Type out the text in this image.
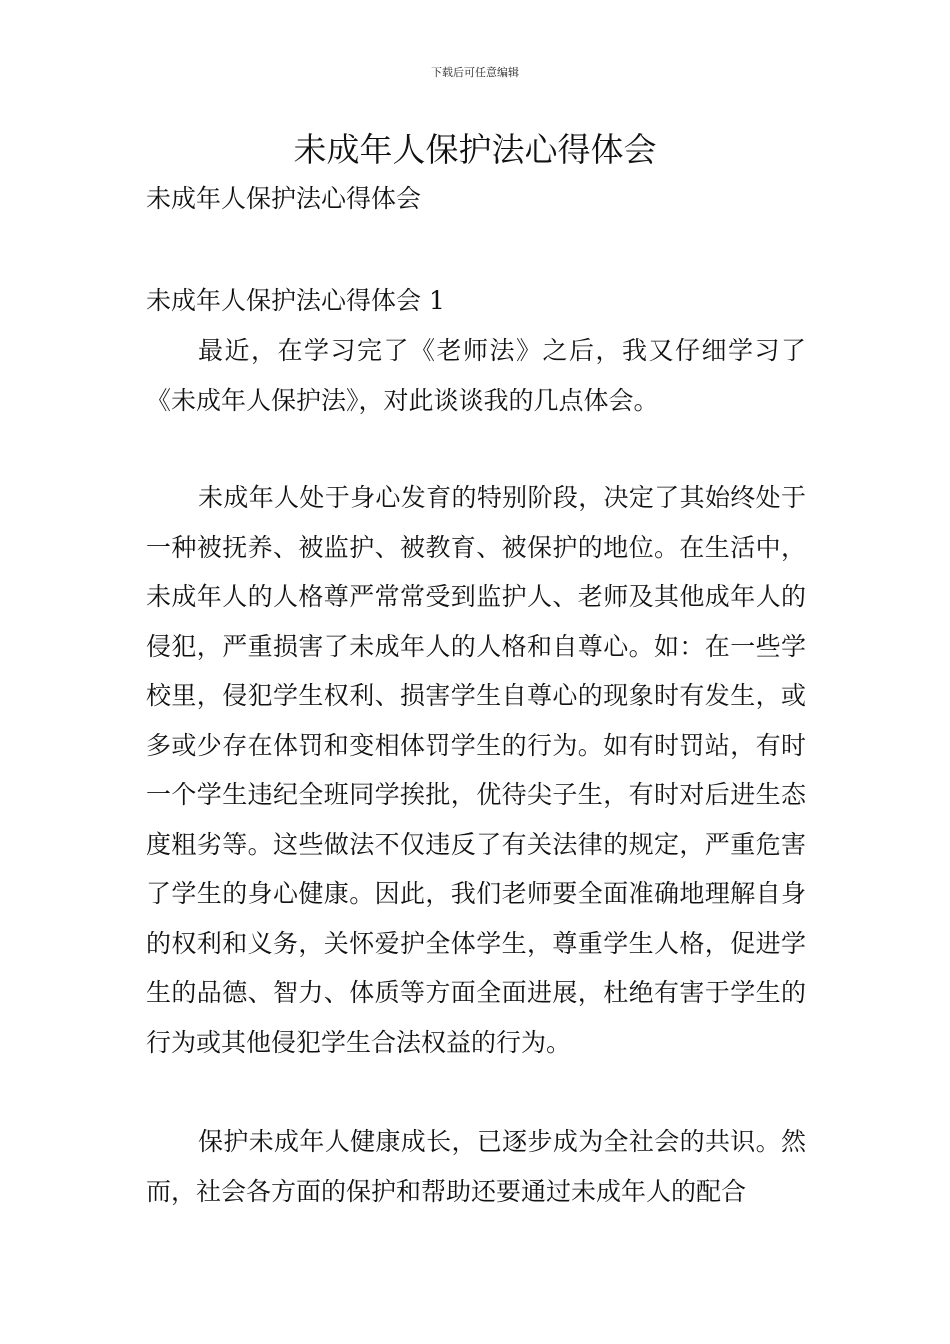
下载后可任意编辑
未成年人保护法心得体会
未成年人保护法心得体会
未成年人保护法心得体会 1

最近，在学习完了《老师法》之后，我又仔细学习了《未成年人保护法》，对此谈谈我的几点体会。

未成年人处于身心发育的特别阶段，决定了其始终处于一种被抚养、被监护、被教育、被保护的地位。在生活中，未成年人的人格尊严常常受到监护人、老师及其他成年人的侵犯，严重损害了未成年人的人格和自尊心。如：在一些学校里，侵犯学生权利、损害学生自尊心的现象时有发生，或多或少存在体罚和变相体罚学生的行为。如有时罚站，有时一个学生违纪全班同学挨批，优待尖子生，有时对后进生态度粗劣等。这些做法不仅违反了有关法律的规定，严重危害了学生的身心健康。因此，我们老师要全面准确地理解自身的权利和义务，关怀爱护全体学生，尊重学生人格，促进学生的品德、智力、体质等方面全面进展，杜绝有害于学生的行为或其他侵犯学生合法权益的行为。

保护未成年人健康成长，已逐步成为全社会的共识。然而，社会各方面的保护和帮助还要通过未成年人的配合
